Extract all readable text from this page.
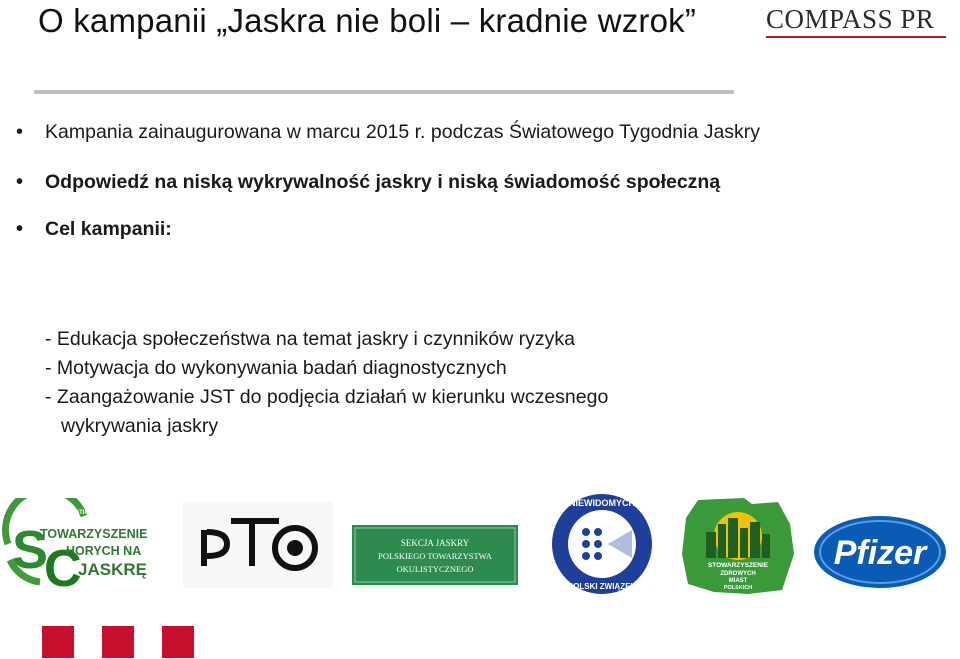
O kampanii „Jaskra nie boli – kradnie wzrok”	COMPASS PR
• Kampania zainaugurowana w marcu 2015 r. podczas Światowego Tygodnia Jaskry
• Odpowiedź na niską wykrywalność jaskry i niską świadomość społeczną
• Cel kampanii:
- Edukacja społeczeństwa na temat jaskry i czynników ryzyka
- Motywacja do wykonywania badań diagnostycznych
- Zaangażowanie JST do podjęcia działań w kierunku wczesnego
wykrywania jaskry
PATIENTS ASSOCIATION
S
C
TOWARZYSZENIE
HORYCH NA
JASKRĘ
PTO
SEKCJA JASKRY
POLSKIEGO TOWARZYSTWA
OKULISTYCZNEGO
NIEWIDOMYCH
POLSKI ZWIĄZEK
STOWARZYSZENIE
ZDROWYCH
MIAST
POLSKICH
Pfizer
